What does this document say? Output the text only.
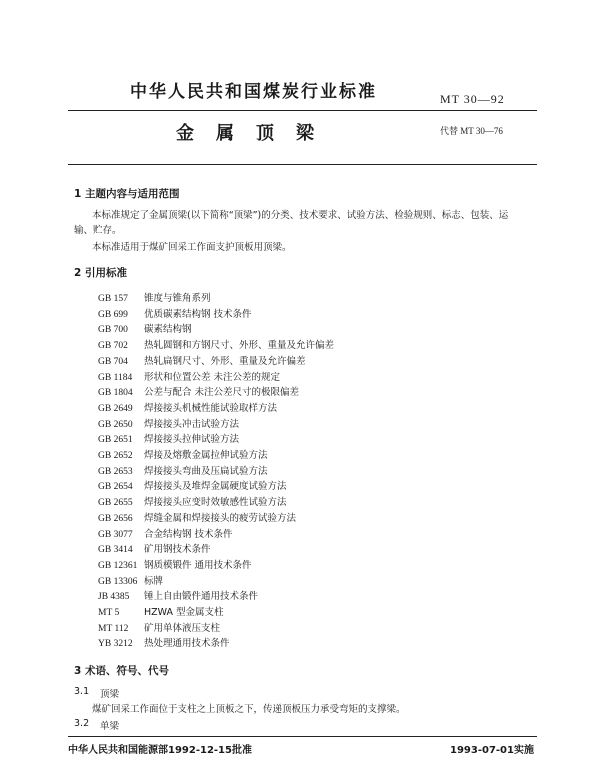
中华人民共和国煤炭行业标准	MT 30—92
金属顶梁	代替 MT 30—76
1 主题内容与适用范围
本标准规定了金属顶梁(以下简称“顶梁”)的分类、技术要求、试验方法、检验规则、标志、包装、运
输、贮存。
本标准适用于煤矿回采工作面支护顶板用顶梁。
2 引用标准
GB 157 锥度与锥角系列
GB 699 优质碳素结构钢 技术条件
GB 700 碳素结构钢
GB 702 热轧圆钢和方钢尺寸、外形、重量及允许偏差
GB 704 热轧扁钢尺寸、外形、重量及允许偏差
GB 1184 形状和位置公差 未注公差的规定
GB 1804 公差与配合 未注公差尺寸的极限偏差
GB 2649 焊接接头机械性能试验取样方法
GB 2650 焊接接头冲击试验方法
GB 2651 焊接接头拉伸试验方法
GB 2652 焊接及熔敷金属拉伸试验方法
GB 2653 焊接接头弯曲及压扁试验方法
GB 2654 焊接接头及堆焊金属硬度试验方法
GB 2655 焊接接头应变时效敏感性试验方法
GB 2656 焊缝金属和焊接接头的疲劳试验方法
GB 3077 合金结构钢 技术条件
GB 3414 矿用钢技术条件
GB 12361 钢质模锻件 通用技术条件
GB 13306 标牌
JB 4385 锤上自由锻件通用技术条件
MT 5	HZWA 型金属支柱
MT 112 矿用单体液压支柱
YB 3212 热处理通用技术条件
3 术语、符号、代号
3.1 顶梁
煤矿回采工作面位于支柱之上顶板之下，传递顶板压力承受弯矩的支撑梁。
3.2 单梁
中华人民共和国能源部1992-12-15批准	1993-07-01实施
